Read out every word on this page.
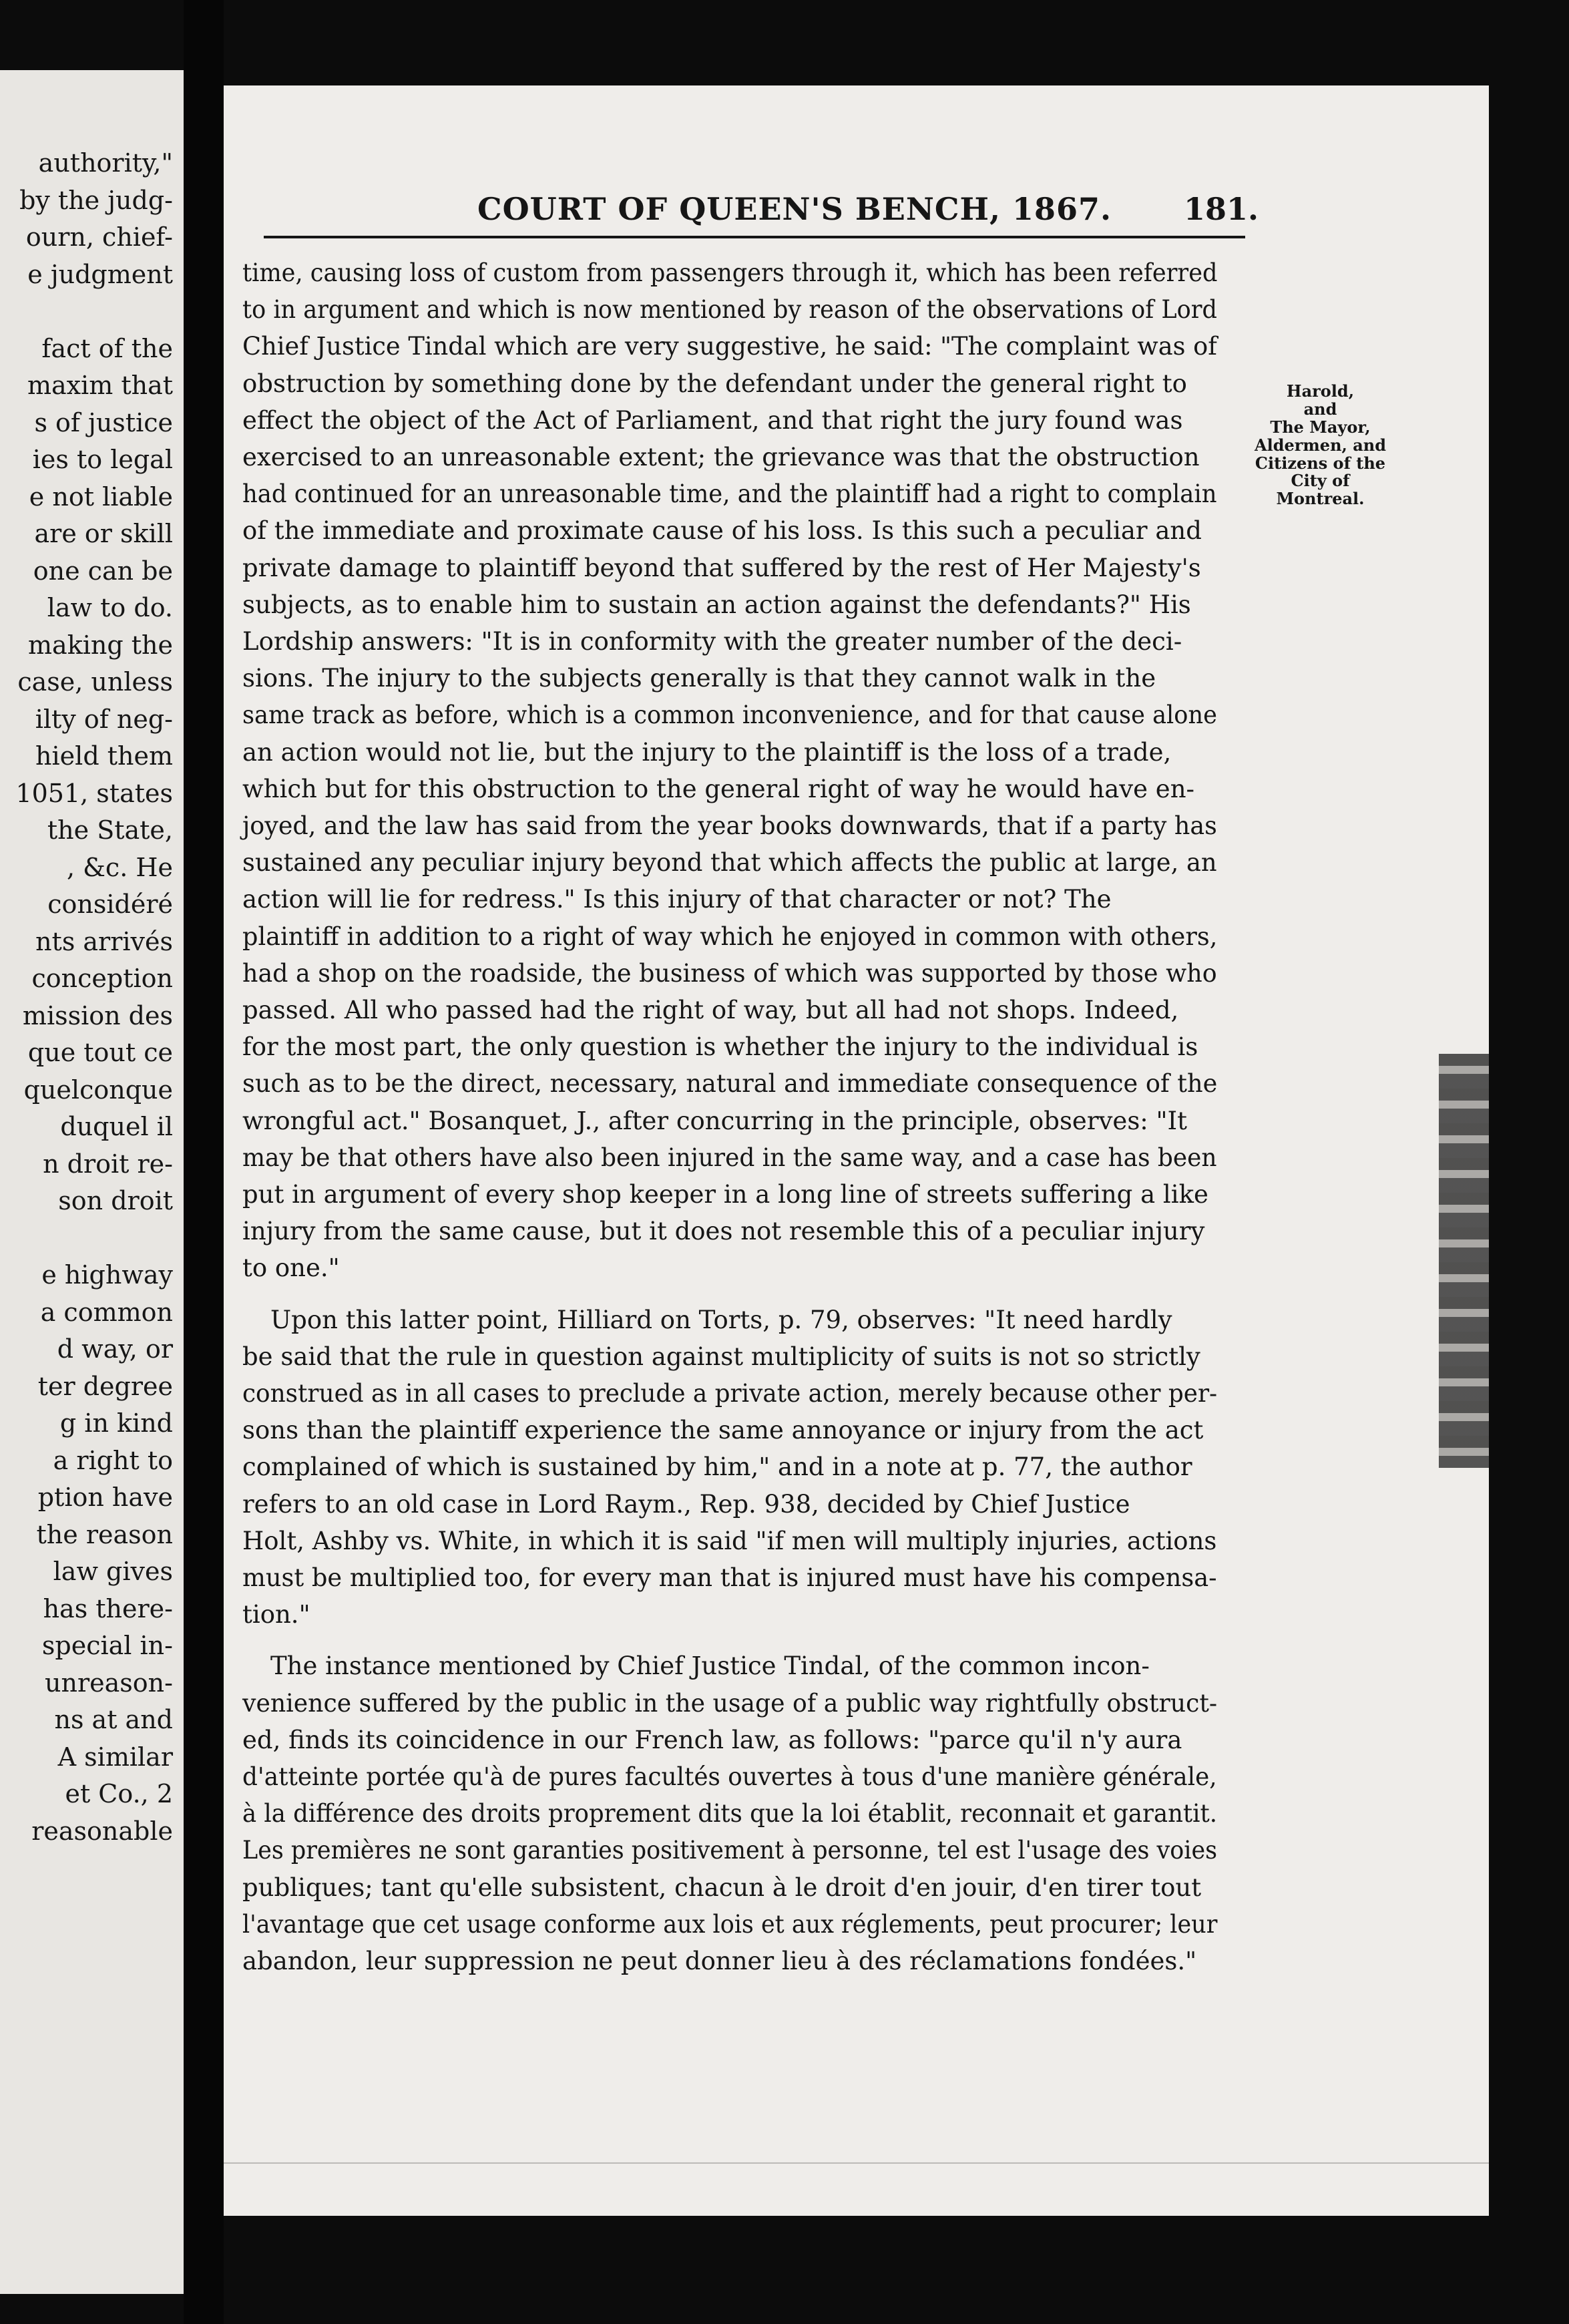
authority,"
by the judg-
ourn, chief-
e judgment
fact of the
maxim that
s of justice
ies to legal
e not liable
are or skill
one can be
law to do.
making the
case, unless
ilty of neg-
hield them
1051, states
the State,
, &c. He
considéré
nts arrivés
conception
mission des
que tout ce
quelconque
duquel il
n droit re-
son droit
e highway
a common
d way, or
ter degree
g in kind
a right to
ption have
the reason
law gives
has there-
special in-
unreason-
ns at and
A similar
et Co., 2
reasonable
COURT OF QUEEN'S BENCH, 1867. 181.
Harold,
and
The Mayor,
Aldermen, and
Citizens of the
City of
Montreal.
time, causing loss of custom from passengers through it, which has been referred
to in argument and which is now mentioned by reason of the observations of Lord
Chief Justice Tindal which are very suggestive, he said: "The complaint was of
obstruction by something done by the defendant under the general right to
effect the object of the Act of Parliament, and that right the jury found was
exercised to an unreasonable extent; the grievance was that the obstruction
had continued for an unreasonable time, and the plaintiff had a right to complain
of the immediate and proximate cause of his loss. Is this such a peculiar and
private damage to plaintiff beyond that suffered by the rest of Her Majesty's
subjects, as to enable him to sustain an action against the defendants?" His
Lordship answers: "It is in conformity with the greater number of the deci-
sions. The injury to the subjects generally is that they cannot walk in the
same track as before, which is a common inconvenience, and for that cause alone
an action would not lie, but the injury to the plaintiff is the loss of a trade,
which but for this obstruction to the general right of way he would have en-
joyed, and the law has said from the year books downwards, that if a party has
sustained any peculiar injury beyond that which affects the public at large, an
action will lie for redress." Is this injury of that character or not? The
plaintiff in addition to a right of way which he enjoyed in common with others,
had a shop on the roadside, the business of which was supported by those who
passed. All who passed had the right of way, but all had not shops. Indeed,
for the most part, the only question is whether the injury to the individual is
such as to be the direct, necessary, natural and immediate consequence of the
wrongful act." Bosanquet, J., after concurring in the principle, observes: "It
may be that others have also been injured in the same way, and a case has been
put in argument of every shop keeper in a long line of streets suffering a like
injury from the same cause, but it does not resemble this of a peculiar injury
to one."
Upon this latter point, Hilliard on Torts, p. 79, observes: "It need hardly
be said that the rule in question against multiplicity of suits is not so strictly
construed as in all cases to preclude a private action, merely because other per-
sons than the plaintiff experience the same annoyance or injury from the act
complained of which is sustained by him," and in a note at p. 77, the author
refers to an old case in Lord Raym., Rep. 938, decided by Chief Justice
Holt, Ashby vs. White, in which it is said "if men will multiply injuries, actions
must be multiplied too, for every man that is injured must have his compensa-
tion."
The instance mentioned by Chief Justice Tindal, of the common incon-
venience suffered by the public in the usage of a public way rightfully obstruct-
ed, finds its coincidence in our French law, as follows: "parce qu'il n'y aura
d'atteinte portée qu'à de pures facultés ouvertes à tous d'une manière générale,
à la différence des droits proprement dits que la loi établit, reconnait et garantit.
Les premières ne sont garanties positivement à personne, tel est l'usage des voies
publiques; tant qu'elle subsistent, chacun à le droit d'en jouir, d'en tirer tout
l'avantage que cet usage conforme aux lois et aux réglements, peut procurer; leur
abandon, leur suppression ne peut donner lieu à des réclamations fondées."
